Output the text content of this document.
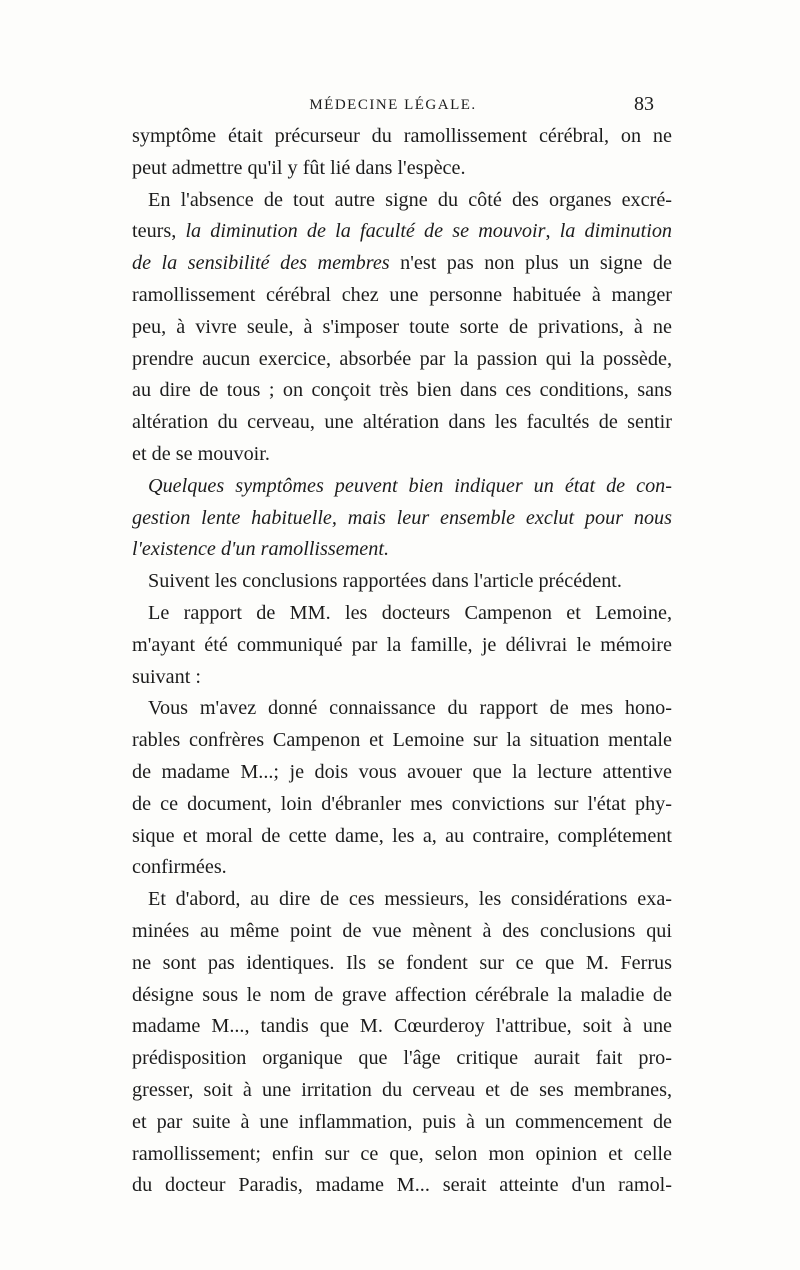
MÉDECINE LÉGALE.	83
symptôme était précurseur du ramollissement cérébral, on ne
peut admettre qu'il y fût lié dans l'espèce.
En l'absence de tout autre signe du côté des organes excré-
teurs, la diminution de la faculté de se mouvoir, la diminution
de la sensibilité des membres n'est pas non plus un signe de
ramollissement cérébral chez une personne habituée à manger
peu, à vivre seule, à s'imposer toute sorte de privations, à ne
prendre aucun exercice, absorbée par la passion qui la possède,
au dire de tous ; on conçoit très bien dans ces conditions, sans
altération du cerveau, une altération dans les facultés de sentir
et de se mouvoir.
Quelques symptômes peuvent bien indiquer un état de con-
gestion lente habituelle, mais leur ensemble exclut pour nous
l'existence d'un ramollissement.
Suivent les conclusions rapportées dans l'article précédent.
Le rapport de MM. les docteurs Campenon et Lemoine,
m'ayant été communiqué par la famille, je délivrai le mémoire
suivant :
Vous m'avez donné connaissance du rapport de mes hono-
rables confrères Campenon et Lemoine sur la situation mentale
de madame M...; je dois vous avouer que la lecture attentive
de ce document, loin d'ébranler mes convictions sur l'état phy-
sique et moral de cette dame, les a, au contraire, complétement
confirmées.
Et d'abord, au dire de ces messieurs, les considérations exa-
minées au même point de vue mènent à des conclusions qui
ne sont pas identiques. Ils se fondent sur ce que M. Ferrus
désigne sous le nom de grave affection cérébrale la maladie de
madame M..., tandis que M. Cœurderoy l'attribue, soit à une
prédisposition organique que l'âge critique aurait fait pro-
gresser, soit à une irritation du cerveau et de ses membranes,
et par suite à une inflammation, puis à un commencement de
ramollissement; enfin sur ce que, selon mon opinion et celle
du docteur Paradis, madame M... serait atteinte d'un ramol-
